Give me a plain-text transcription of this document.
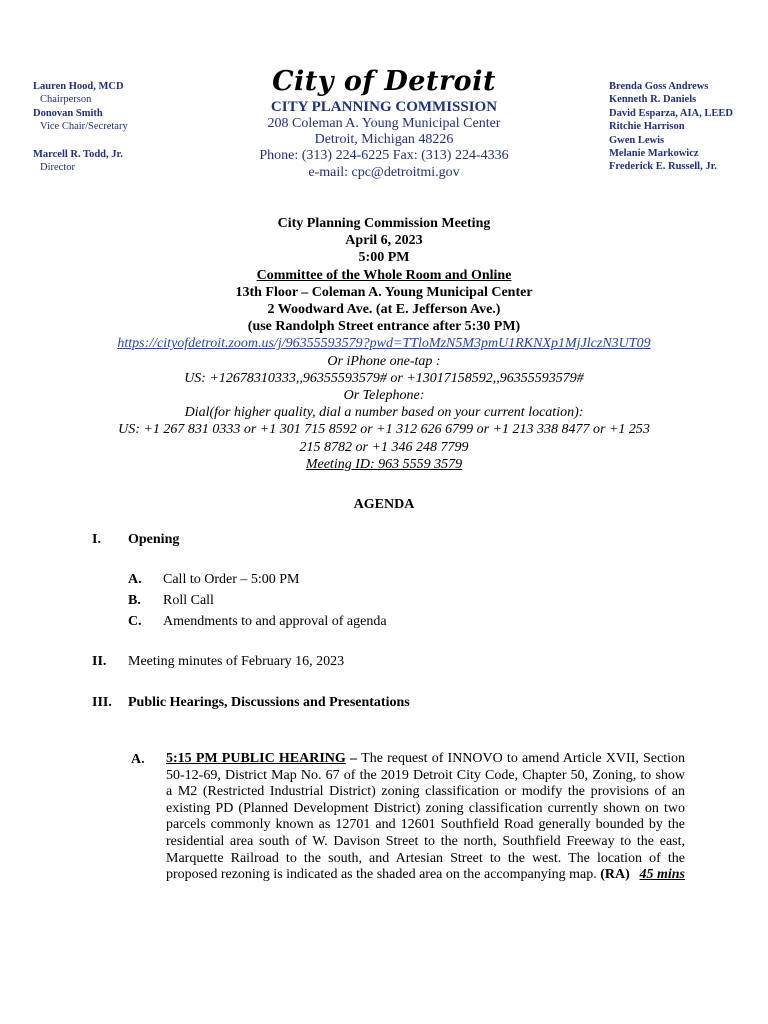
Lauren Hood, MCD
Chairperson
Donovan Smith
Vice Chair/Secretary
Marcell R. Todd, Jr.
Director
City of Detroit
CITY PLANNING COMMISSION
208 Coleman A. Young Municipal Center
Detroit, Michigan 48226
Phone: (313) 224-6225 Fax: (313) 224-4336
e-mail: cpc@detroitmi.gov
Brenda Goss Andrews
Kenneth R. Daniels
David Esparza, AIA, LEED
Ritchie Harrison
Gwen Lewis
Melanie Markowicz
Frederick E. Russell, Jr.
City Planning Commission Meeting
April 6, 2023
5:00 PM
Committee of the Whole Room and Online
13th Floor – Coleman A. Young Municipal Center
2 Woodward Ave. (at E. Jefferson Ave.)
(use Randolph Street entrance after 5:30 PM)
https://cityofdetroit.zoom.us/j/96355593579?pwd=TTloMzN5M3pmU1RKNXp1MjJlczN3UT09
Or iPhone one-tap :
US: +12678310333,,96355593579# or +13017158592,,96355593579#
Or Telephone:
Dial(for higher quality, dial a number based on your current location):
US: +1 267 831 0333 or +1 301 715 8592 or +1 312 626 6799 or +1 213 338 8477 or +1 253
215 8782 or +1 346 248 7799
Meeting ID: 963 5559 3579
AGENDA
I. Opening
A. Call to Order – 5:00 PM
B. Roll Call
C. Amendments to and approval of agenda
II. Meeting minutes of February 16, 2023
III. Public Hearings, Discussions and Presentations
A. 5:15 PM PUBLIC HEARING – The request of INNOVO to amend Article XVII, Section 50-12-69, District Map No. 67 of the 2019 Detroit City Code, Chapter 50, Zoning, to show a M2 (Restricted Industrial District) zoning classification or modify the provisions of an existing PD (Planned Development District) zoning classification currently shown on two parcels commonly known as 12701 and 12601 Southfield Road generally bounded by the residential area south of W. Davison Street to the north, Southfield Freeway to the east, Marquette Railroad to the south, and Artesian Street to the west. The location of the proposed rezoning is indicated as the shaded area on the accompanying map. (RA) 45 mins
